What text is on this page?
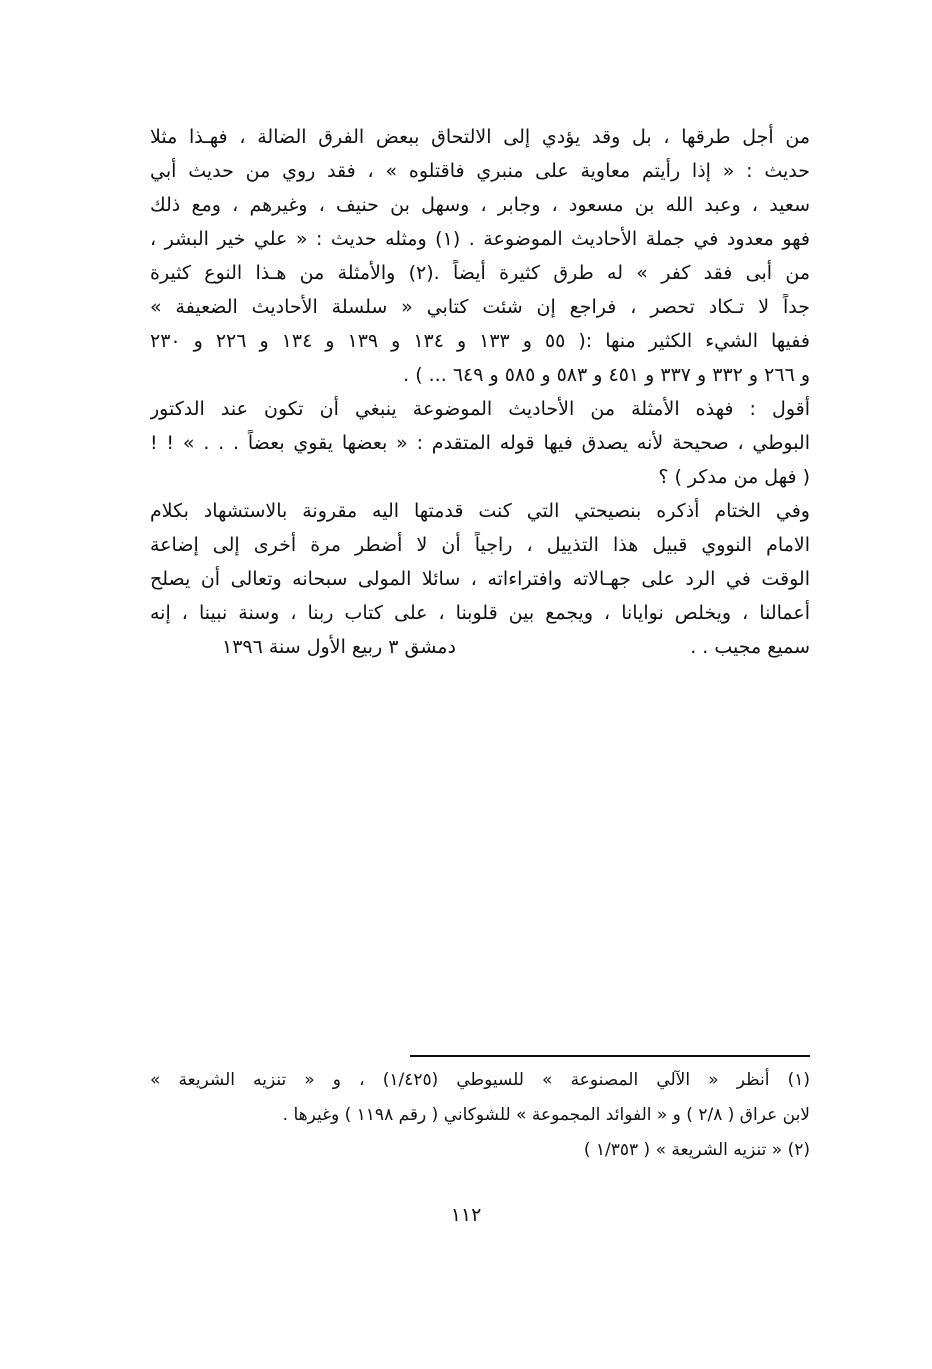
من أجل طرقها ، بل وقد يؤدي إلى الالتحاق ببعض الفرق الضالة ، فهـذا مثلا
حديث : « إذا رأيتم معاوية على منبري فاقتلوه » ، فقد روي من حديث أبي
سعيد ، وعبد الله بن مسعود ، وجابر ، وسهل بن حنيف ، وغيرهم ، ومع ذلك
فهو معدود في جملة الأحاديث الموضوعة . (١) ومثله حديث : « علي خير البشر ،
من أبى فقد كفر » له طرق كثيرة أيضاً .(٢) والأمثلة من هـذا النوع كثيرة
جداً لا تـكاد تحصر ، فراجع إن شئت كتابي « سلسلة الأحاديث الضعيفة »
ففيها الشيء الكثير منها :( ٥٥ و ١٣٣ و ١٣٤ و ١٣٩ و ١٣٤ و ٢٢٦ و ٢٣٠
و ٢٦٦ و ٣٣٢ و ٣٣٧ و ٤٥١ و ٥٨٣ و ٥٨٥ و ٦٤٩ ... ) .
أقول : فهذه الأمثلة من الأحاديث الموضوعة ينبغي أن تكون عند الدكتور
البوطي ، صحيحة لأنه يصدق فيها قوله المتقدم : « بعضها يقوي بعضاً . . . » ! !
( فهل من مدكر ) ؟
وفي الختام أذكره بنصيحتي التي كنت قدمتها اليه مقرونة بالاستشهاد بكلام
الامام النووي قبيل هذا التذييل ، راجياً أن لا أضطر مرة أخرى إلى إضاعة
الوقت في الرد على جهـالاته وافتراءاته ، سائلا المولى سبحانه وتعالى أن يصلح
أعمالنا ، ويخلص نوايانا ، ويجمع بين قلوبنا ، على كتاب ربنا ، وسنة نبينا ، إنه
سميع مجيب . .
دمشق ٣ ربيع الأول سنة ١٣٩٦
(١) أنظر « الآلي المصنوعة » للسيوطي (١/٤٢٥) ، و « تنزيه الشريعة »
لابن عراق ( ٢/٨ ) و « الفوائد المجموعة » للشوكاني ( رقم ١١٩٨ ) وغيرها .
(٢) « تنزيه الشريعة » ( ١/٣٥٣ )
١١٢
